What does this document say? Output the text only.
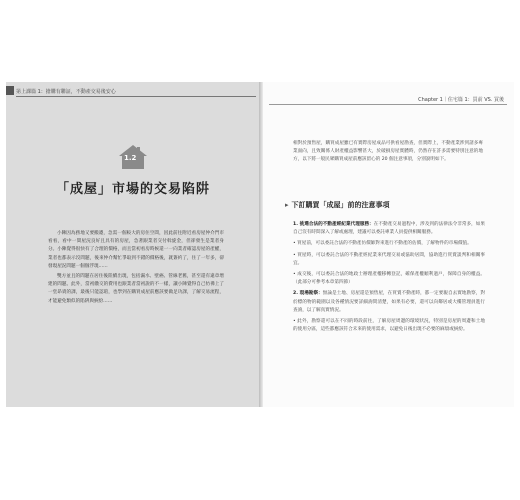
第上課篇 1：搶購有聯証，不動產交易後安心
1.2
「成屋」市場的交易陷阱

小陳因為務地又要搬遷，急需一個較大的房住空間，因此前往附近看房屋仲介門市看看，看中一間屋況良好且具有的房屋，急著跟業者交付斡旋金，但卻發生是業者身分。小陳覺得很快有了合理的價格，而且當初看房時候還一一向業者確認房屋的產權，業者也都表示沒問題，後來仲介幫忙爭取到不錯的價格後，就簽約了，住了一年多，卻發現屋況問題一個個浮現……

雙方並且的問題在居住後陸續出現，包括漏水、壁癌、管線老舊，甚至還有違章增建的問題。此外，當初繳交的費用也跟業者當初說的不一樣，讓小陳覺得自己彷彿上了一堂昂貴的課，最後只能認賠，也學到在購買成屋前應該要做足功課，了解交易流程，才能避免類似的陷阱與糾紛……

Chapter 1｜住宅篇 1：買前 VS. 買後

相對於預售屋，購買成屋雖已有實際房屋成品可供看屋勘查，但實際上，不動產業涉到諸多專業面向，且致關係人財產權益影響甚大，於破損房屋實體時，仍然存在許多需要特別注意的地方，以下將一般民眾購買成屋前應該留心的 20 個注意事項，分別說明如下。

▸ 下訂購買「成屋」前的注意事項

1. 挑選合法的不動產經紀業代理服務：在不動產交易過程中，涉及到的法律法令非常多，如果自己沒有時間深入了解或處理，建議可以委託專業人員提供相關服務。

• 買屋前，可以委託合法的不動產仿價師對來進行不動產的估價，了解物件的市場價值。

• 買屋時，可以委託合法的不動產經紀業來代理交易或協助居間，協助進行買賣談判和相關事宜。

• 成交後，可以委託合法的地政士辦理產權移轉登記，確保產權順利過戶，保障自身的權益。（此部分可參考本章第四節）

2. 現場勘察：無論是土地、房屋還是預售屋，在買賣不動產時，都一定要親自去實地勘察，對於標的物的範圍以及各種情況要詳細詢問清楚，如果有必要，還可以向鄰居或大樓管理員進行查詢，以了解真實情況。

• 此外，勘察還可以在不同的時段前往，了解房屋周邊的環境狀況，特別是房屋的周邊和土地的使用分區，這些都應該符合未來的使用需求，以避免日後出現不必要的麻煩或糾紛。
